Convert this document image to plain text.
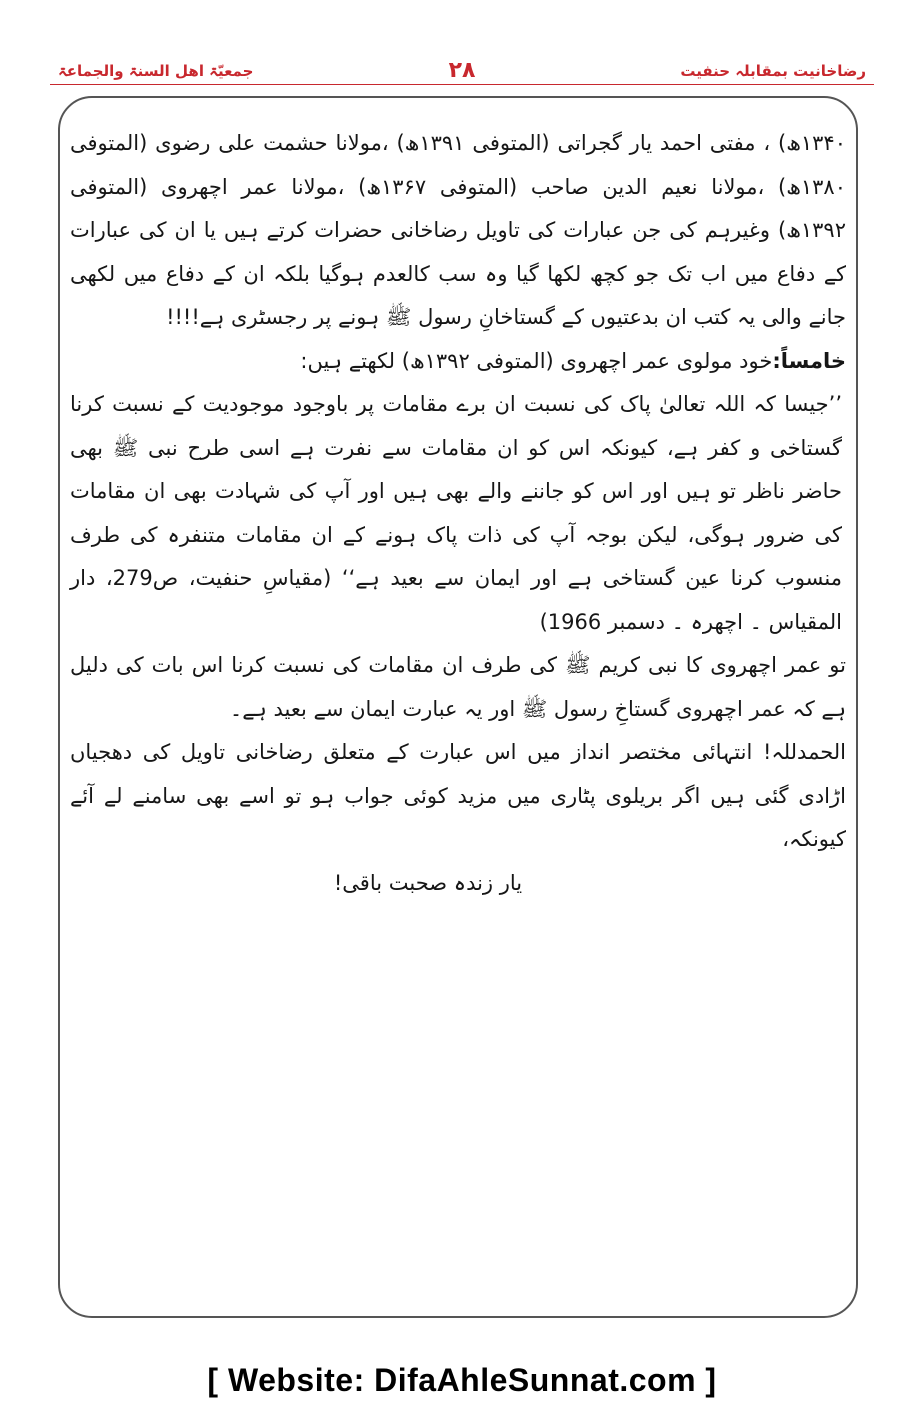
رضاخانیت بمقابلہ حنفیت
۲۸
جمعیّۃ اھل السنۃ والجماعۃ

۱۳۴۰ھ) ، مفتی احمد یار گجراتی (المتوفی ۱۳۹۱ھ) ،مولانا حشمت علی رضوی (المتوفی ۱۳۸۰ھ) ،مولانا نعیم الدین صاحب (المتوفی ۱۳۶۷ھ) ،مولانا عمر اچھروی (المتوفی ۱۳۹۲ھ) وغیرہم کی جن عبارات کی تاویل رضاخانی حضرات کرتے ہیں یا ان کی عبارات کے دفاع میں اب تک جو کچھ لکھا گیا وہ سب کالعدم ہوگیا بلکہ ان کے دفاع میں لکھی جانے والی یہ کتب ان بدعتیوں کے گستاخانِ رسول ﷺ ہونے پر رجسٹری ہے!!!!

خامساً:خود مولوی عمر اچھروی (المتوفی ۱۳۹۲ھ) لکھتے ہیں:

’’جیسا کہ اللہ تعالیٰ پاک کی نسبت ان برے مقامات پر باوجود موجودیت کے نسبت کرنا گستاخی و کفر ہے، کیونکہ اس کو ان مقامات سے نفرت ہے اسی طرح نبی ﷺ بھی حاضر ناظر تو ہیں اور اس کو جاننے والے بھی ہیں اور آپ کی شہادت بھی ان مقامات کی ضرور ہوگی، لیکن بوجہ آپ کی ذات پاک ہونے کے ان مقامات متنفرہ کی طرف منسوب کرنا عین گستاخی ہے اور ایمان سے بعید ہے‘‘ (مقیاسِ حنفیت، ص279، دار المقیاس ۔ اچھرہ ۔ دسمبر 1966)

تو عمر اچھروی کا نبی کریم ﷺ کی طرف ان مقامات کی نسبت کرنا اس بات کی دلیل ہے کہ عمر اچھروی گستاخِ رسول ﷺ اور یہ عبارت ایمان سے بعید ہے۔

الحمدللہ! انتہائی مختصر انداز میں اس عبارت کے متعلق رضاخانی تاویل کی دھجیاں اڑادی گئی ہیں اگر بریلوی پٹاری میں مزید کوئی جواب ہو تو اسے بھی سامنے لے آئے کیونکہ،

یار زندہ صحبت باقی!

[ Website: DifaAhleSunnat.com ]
